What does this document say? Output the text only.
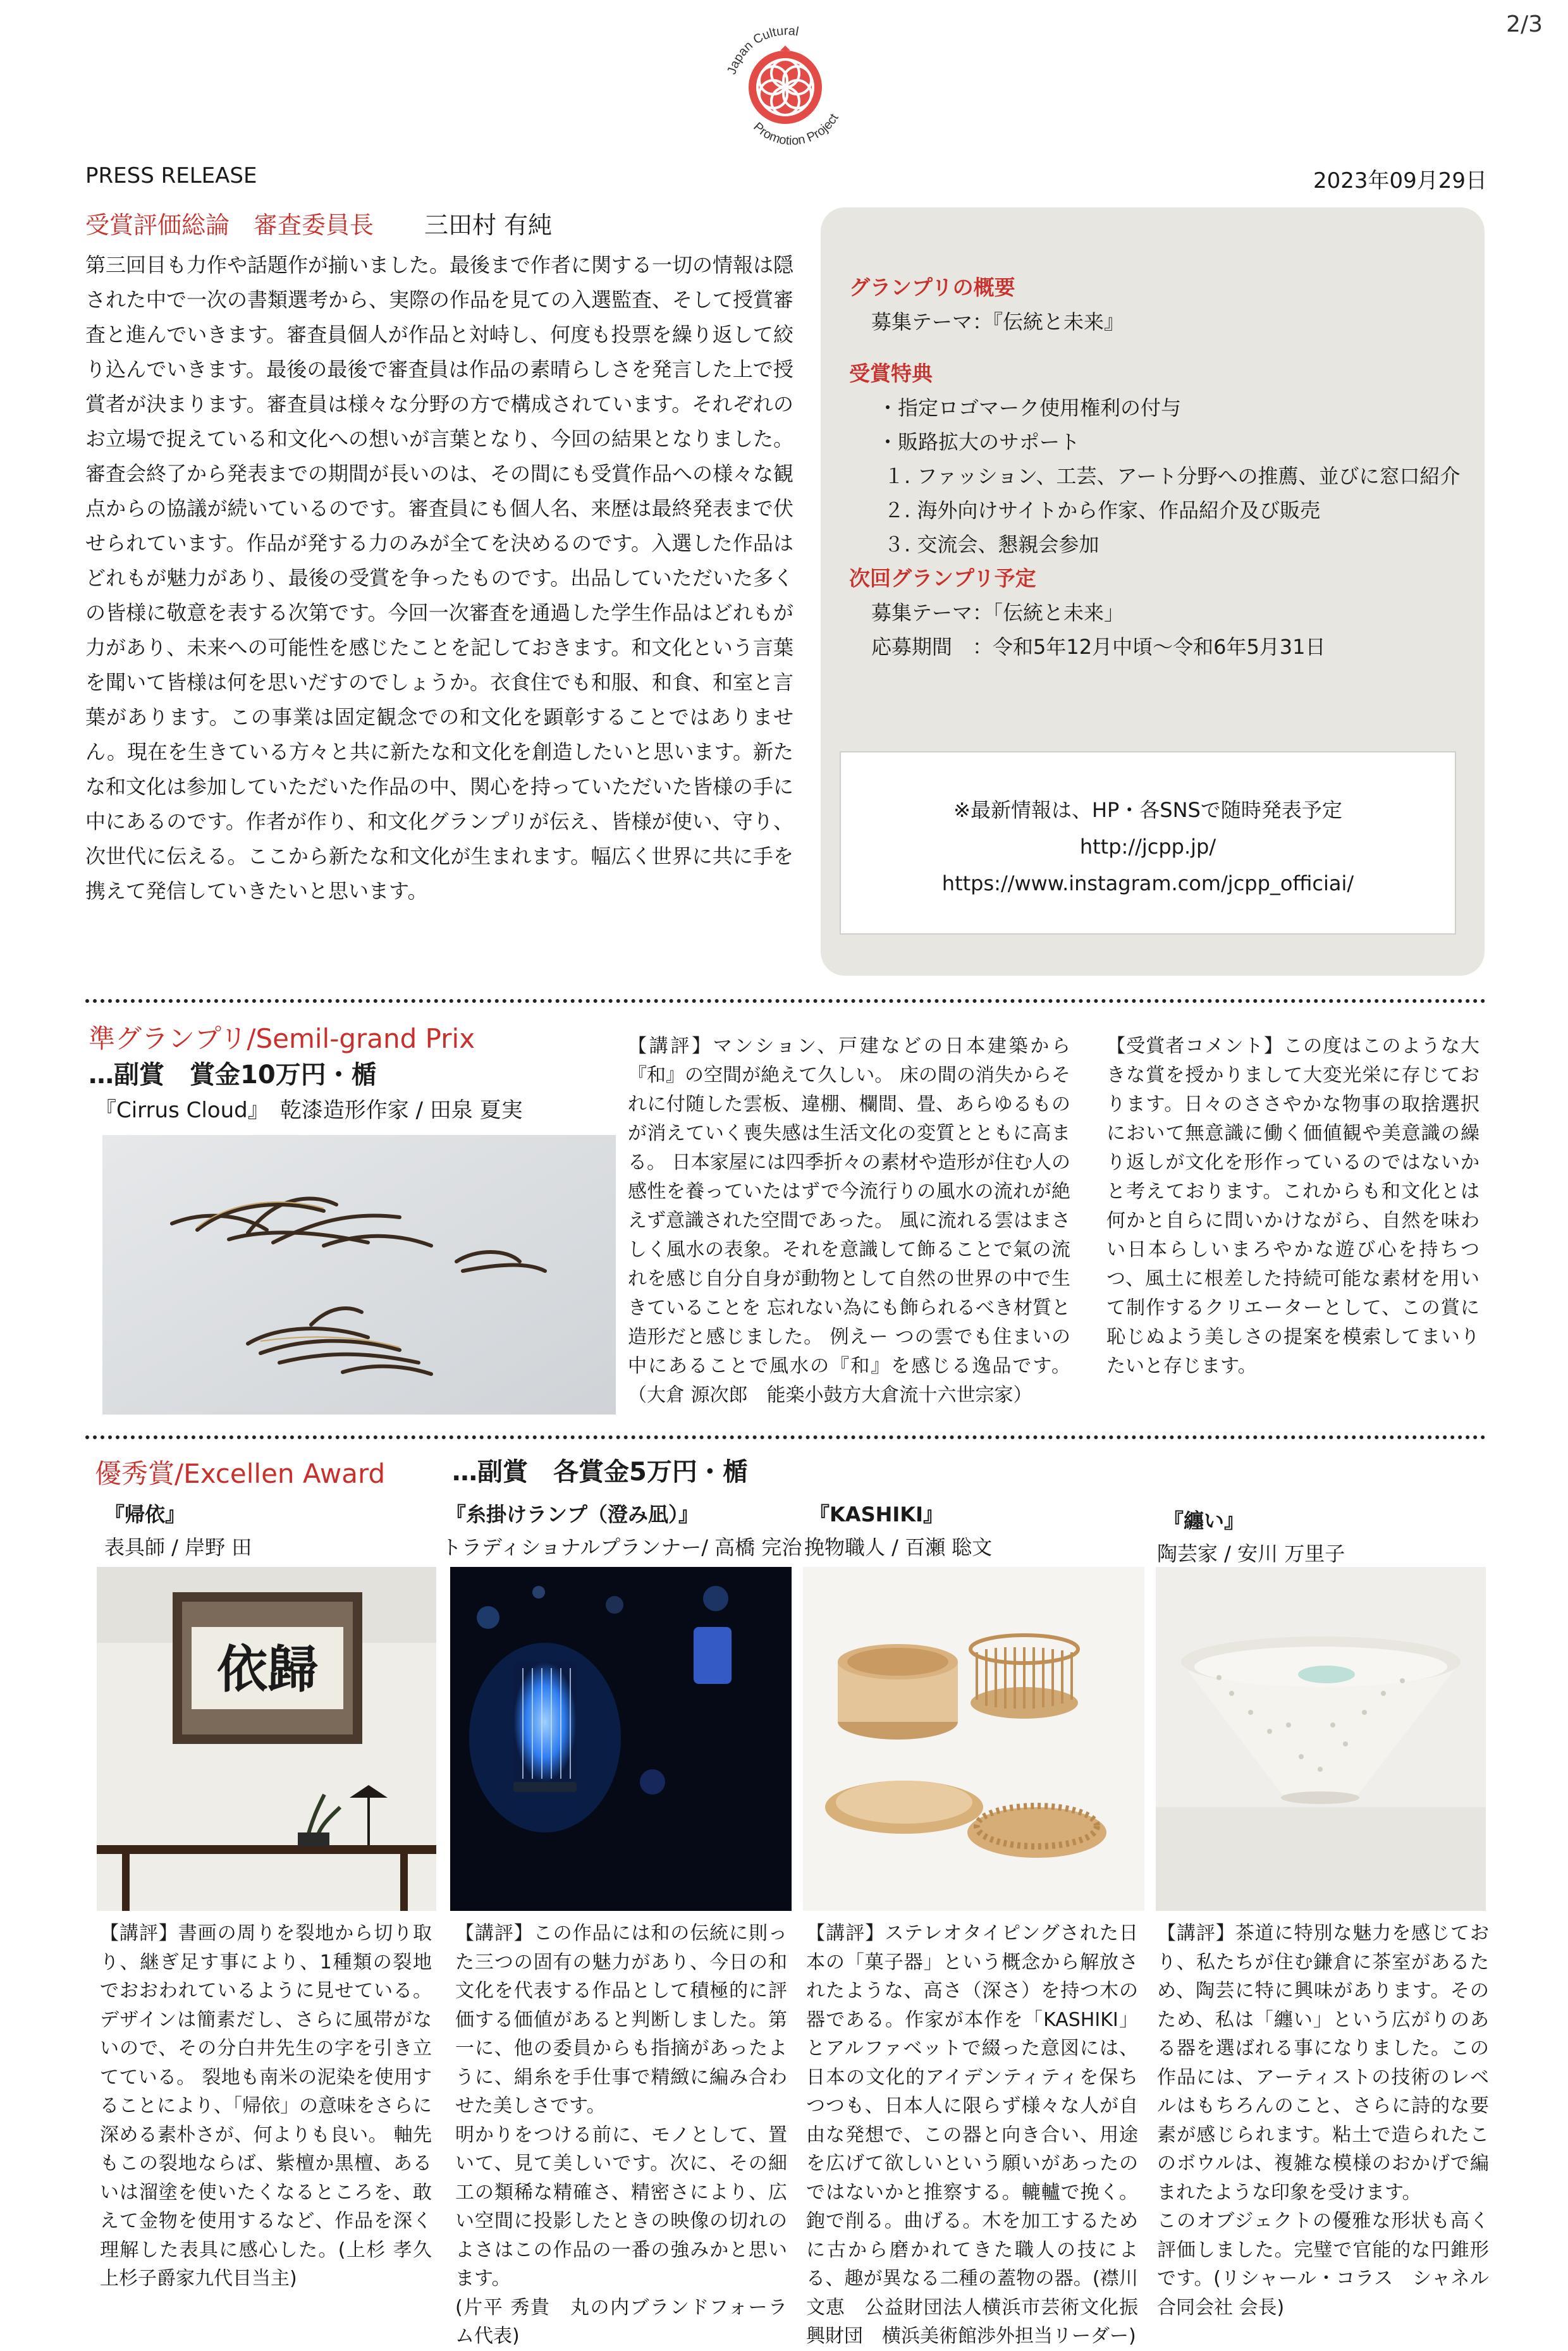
2/3
Japan Cultural
Promotion Project
PRESS RELEASE	2023年09月29日
受賞評価総論　審査委員長 三田村 有純

第三回目も力作や話題作が揃いました。最後まで作者に関する一切の情報は隠された中で一次の書類選考から、実際の作品を見ての入選監査、そして授賞審査と進んでいきます。審査員個人が作品と対峙し、何度も投票を繰り返して絞り込んでいきます。最後の最後で審査員は作品の素晴らしさを発言した上で授賞者が決まります。審査員は様々な分野の方で構成されています。それぞれのお立場で捉えている和文化への想いが言葉となり、今回の結果となりました。審査会終了から発表までの期間が長いのは、その間にも受賞作品への様々な観点からの協議が続いているのです。審査員にも個人名、来歴は最終発表まで伏せられています。作品が発する力のみが全てを決めるのです。入選した作品はどれもが魅力があり、最後の受賞を争ったものです。出品していただいた多くの皆様に敬意を表する次第です。今回一次審査を通過した学生作品はどれもが力があり、未来への可能性を感じたことを記しておきます。和文化という言葉を聞いて皆様は何を思いだすのでしょうか。衣食住でも和服、和食、和室と言葉があります。この事業は固定観念での和文化を顕彰することではありません。現在を生きている方々と共に新たな和文化を創造したいと思います。新たな和文化は参加していただいた作品の中、関心を持っていただいた皆様の手に中にあるのです。作者が作り、和文化グランプリが伝え、皆様が使い、守り、次世代に伝える。ここから新たな和文化が生まれます。幅広く世界に共に手を携えて発信していきたいと思います。

グランプリの概要
募集テーマ：『伝統と未来』
受賞特典
・指定ロゴマーク使用権利の付与
・販路拡大のサポート
１. ファッション、工芸、アート分野への推薦、並びに窓口紹介
２. 海外向けサイトから作家、作品紹介及び販売
３. 交流会、懇親会参加
次回グランプリ予定
募集テーマ：「伝統と未来」
応募期間　：令和5年12月中頃〜令和6年5月31日
※最新情報は、HP・各SNSで随時発表予定
http://jcpp.jp/
https://www.instagram.com/jcpp_officiai/
準グランプリ/Semil-grand Prix
…副賞　賞金10万円・楯
『Cirrus Cloud』　乾漆造形作家 / 田泉 夏実

【講評】マンション、戸建などの日本建築から『和』の空間が絶えて久しい。 床の間の消失からそれに付随した雲板、違棚、欄間、畳、あらゆるものが消えていく喪失感は生活文化の変質とともに高まる。 日本家屋には四季折々の素材や造形が住む人の感性を養っていたはずで今流行りの風水の流れが絶えず意識された空間であった。 風に流れる雲はまさしく風水の表象。それを意識して飾ることで氣の流れを感じ自分自身が動物として自然の世界の中で生きていることを 忘れない為にも飾られるべき材質と造形だと感じました。 例えー つの雲でも住まいの中にあることで風水の『和』を感じる逸品です。（大倉 源次郎　能楽小鼓方大倉流十六世宗家）

【受賞者コメント】この度はこのような大きな賞を授かりまして大変光栄に存じております。日々のささやかな物事の取捨選択において無意識に働く価値観や美意識の繰り返しが文化を形作っているのではないかと考えております。これからも和文化とは何かと自らに問いかけながら、自然を味わい日本らしいまろやかな遊び心を持ちつつ、風土に根差した持続可能な素材を用いて制作するクリエーターとして、この賞に恥じぬよう美しさの提案を模索してまいりたいと存じます。

優秀賞/Excellen Award	…副賞　各賞金5万円・楯
『帰依』
表具師 / 岸野 田
依歸

【講評】書画の周りを裂地から切り取り、継ぎ足す事により、1種類の裂地でおおわれているように見せている。デザインは簡素だし、さらに風帯がないので、その分白井先生の字を引き立てている。 裂地も南米の泥染を使用することにより、「帰依」の意味をさらに深める素朴さが、何よりも良い。 軸先もこの裂地ならば、紫檀か黒檀、あるいは溜塗を使いたくなるところを、敢えて金物を使用するなど、作品を深く理解した表具に感心した。(上杉 孝久　上杉子爵家九代目当主)

『糸掛けランプ（澄み凪）』
トラディショナルプランナー/ 高橋 完治

【講評】この作品には和の伝統に則った三つの固有の魅力があり、今日の和文化を代表する作品として積極的に評価する価値があると判断しました。第一に、他の委員からも指摘があったように、絹糸を手仕事で精緻に編み合わせた美しさです。
明かりをつける前に、モノとして、置いて、見て美しいです。次に、その細工の類稀な精確さ、精密さにより、広い空間に投影したときの映像の切れのよさはこの作品の一番の強みかと思います。
(片平 秀貴　丸の内ブランドフォーラム代表)

『KASHIKI』
挽物職人 / 百瀬 聡文

【講評】ステレオタイピングされた日本の「菓子器」という概念から解放されたような、高さ（深さ）を持つ木の器である。作家が本作を「KASHIKI」とアルファベットで綴った意図には、日本の文化的アイデンティティを保ちつつも、日本人に限らず様々な人が自由な発想で、この器と向き合い、用途を広げて欲しいという願いがあったのではないかと推察する。轆轤で挽く。鉋で削る。曲げる。木を加工するために古から磨かれてきた職人の技による、趣が異なる二種の蓋物の器。(襟川 文恵　公益財団法人横浜市芸術文化振興財団　横浜美術館渉外担当リーダー)

『纏い』
陶芸家 / 安川 万里子

【講評】茶道に特別な魅力を感じており、私たちが住む鎌倉に茶室があるため、陶芸に特に興味があります。そのため、私は「纏い」という広がりのある器を選ばれる事になりました。この作品には、アーティストの技術のレベルはもちろんのこと、さらに詩的な要素が感じられます。粘土で造られたこのボウルは、複雑な模様のおかげで編まれたような印象を受けます。
このオブジェクトの優雅な形状も高く評価しました。完璧で官能的な円錐形です。(リシャール・コラス　シャネル合同会社 会長)
